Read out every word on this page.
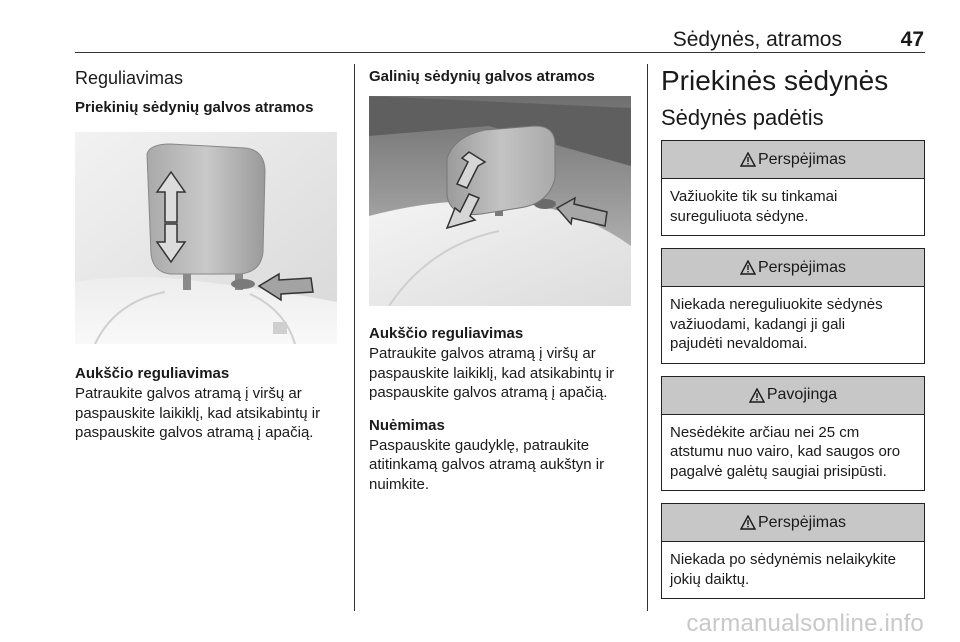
Sėdynės, atramos	47
Reguliavimas
Priekinių sėdynių galvos atramos
Aukščio reguliavimas
Patraukite galvos atramą į viršų ar
paspauskite laikiklį, kad atsikabintų ir
paspauskite galvos atramą į apačią.
Galinių sėdynių galvos atramos
Aukščio reguliavimas
Patraukite galvos atramą į viršų ar
paspauskite laikiklį, kad atsikabintų ir
paspauskite galvos atramą į apačią.
Nuėmimas
Paspauskite gaudyklę, patraukite
atitinkamą galvos atramą aukštyn ir
nuimkite.
Priekinės sėdynės
Sėdynės padėtis
Perspėjimas
Važiuokite tik su tinkamai
sureguliuota sėdyne.
Perspėjimas
Niekada nereguliuokite sėdynės
važiuodami, kadangi ji gali
pajudėti nevaldomai.
Pavojinga
Nesėdėkite arčiau nei 25 cm
atstumu nuo vairo, kad saugos oro
pagalvė galėtų saugiai prisipūsti.
Perspėjimas
Niekada po sėdynėmis nelaikykite
jokių daiktų.
carmanualsonline.info
